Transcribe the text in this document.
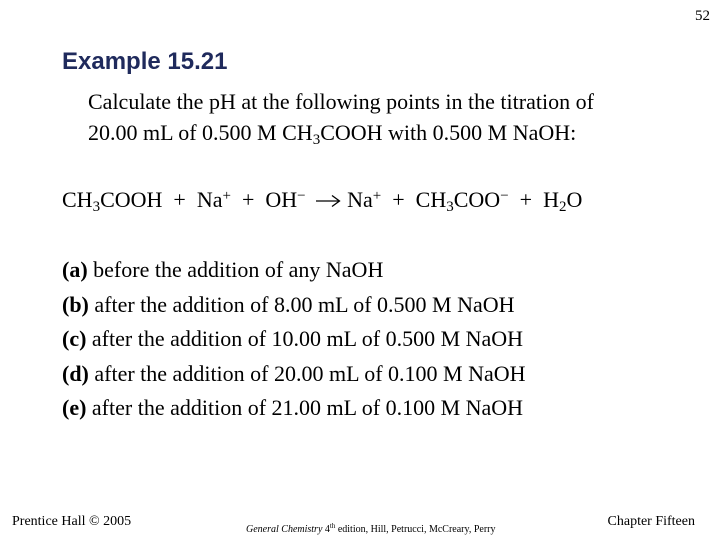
52
Example 15.21
Calculate the pH at the following points in the titration of
20.00 mL of 0.500 M $CH_3COOH$ with 0.500 M NaOH:
$CH_3COOH + Na^+ + OH^-$ $Na^+ + CH_3COO^- + H_2O$
(a) before the addition of any NaOH
(b) after the addition of 8.00 mL of 0.500 M NaOH
(c) after the addition of 10.00 mL of 0.500 M NaOH
(d) after the addition of 20.00 mL of 0.100 M NaOH
(e) after the addition of 21.00 mL of 0.100 M NaOH
Prentice Hall © 2005
General Chemistry 4th edition, Hill, Petrucci, McCreary, Perry
Chapter Fifteen
